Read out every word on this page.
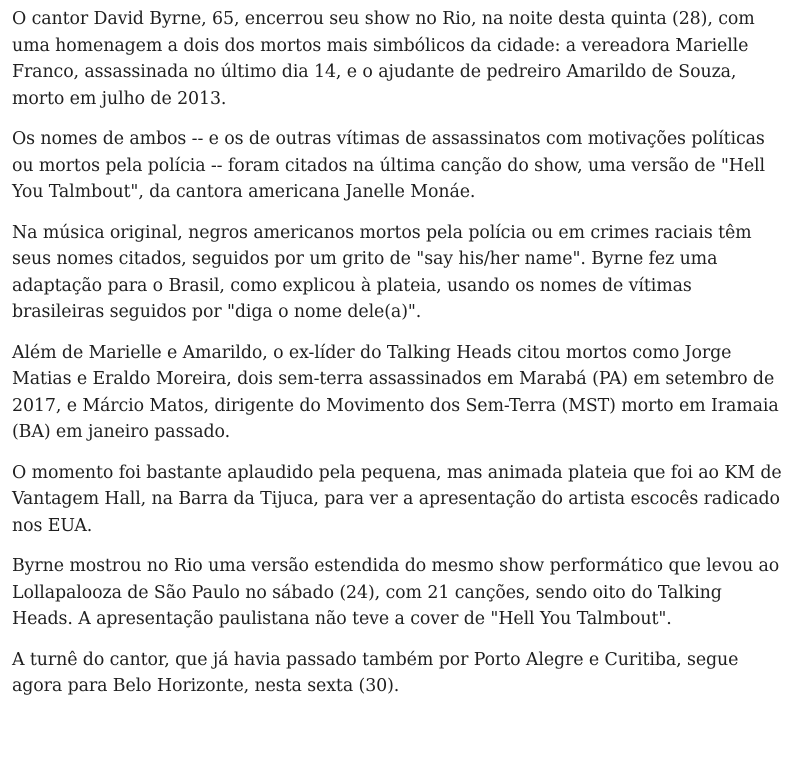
O cantor David Byrne, 65, encerrou seu show no Rio, na noite desta quinta (28), com uma homenagem a dois dos mortos mais simbólicos da cidade: a vereadora Marielle Franco, assassinada no último dia 14, e o ajudante de pedreiro Amarildo de Souza, morto em julho de 2013.

Os nomes de ambos -- e os de outras vítimas de assassinatos com motivações políticas ou mortos pela polícia -- foram citados na última canção do show, uma versão de "Hell You Talmbout", da cantora americana Janelle Monáe.

Na música original, negros americanos mortos pela polícia ou em crimes raciais têm seus nomes citados, seguidos por um grito de "say his/her name". Byrne fez uma adaptação para o Brasil, como explicou à plateia, usando os nomes de vítimas brasileiras seguidos por "diga o nome dele(a)".

Além de Marielle e Amarildo, o ex-líder do Talking Heads citou mortos como Jorge Matias e Eraldo Moreira, dois sem-terra assassinados em Marabá (PA) em setembro de 2017, e Márcio Matos, dirigente do Movimento dos Sem-Terra (MST) morto em Iramaia (BA) em janeiro passado.

O momento foi bastante aplaudido pela pequena, mas animada plateia que foi ao KM de Vantagem Hall, na Barra da Tijuca, para ver a apresentação do artista escocês radicado nos EUA.

Byrne mostrou no Rio uma versão estendida do mesmo show performático que levou ao Lollapalooza de São Paulo no sábado (24), com 21 canções, sendo oito do Talking Heads. A apresentação paulistana não teve a cover de "Hell You Talmbout".

A turnê do cantor, que já havia passado também por Porto Alegre e Curitiba, segue agora para Belo Horizonte, nesta sexta (30).
